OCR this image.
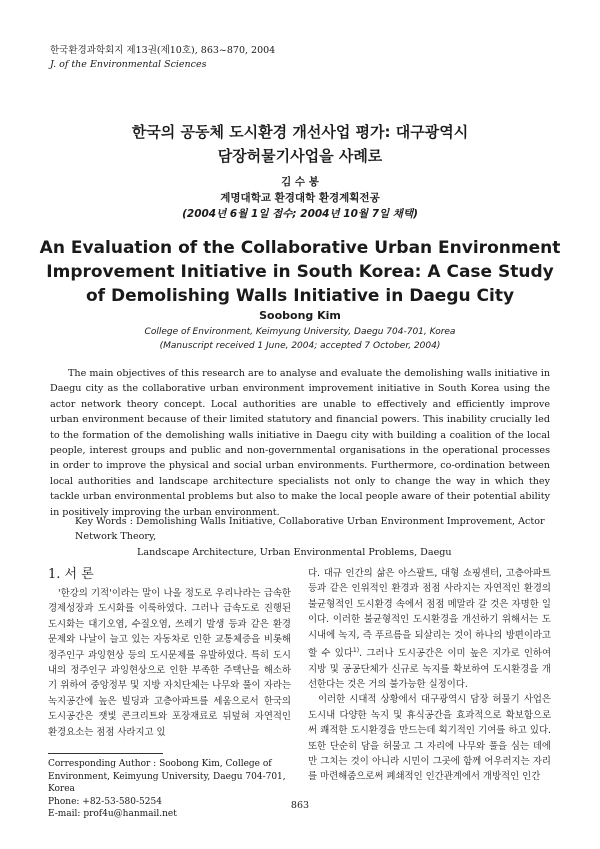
한국환경과학회지 제13권(제10호), 863~870, 2004
J. of the Environmental Sciences
한국의 공동체 도시환경 개선사업 평가: 대구광역시
담장허물기사업을 사례로
김 수 봉
계명대학교 환경대학 환경계획전공
(2004년 6월 1일 접수; 2004년 10월 7일 채택)
An Evaluation of the Collaborative Urban Environment
Improvement Initiative in South Korea: A Case Study
of Demolishing Walls Initiative in Daegu City
Soobong Kim
College of Environment, Keimyung University, Daegu 704-701, Korea
(Manuscript received 1 June, 2004; accepted 7 October, 2004)

The main objectives of this research are to analyse and evaluate the demolishing walls initiative in Daegu city as the collaborative urban environment improvement initiative in South Korea using the actor network theory concept. Local authorities are unable to effectively and efficiently improve urban environment because of their limited statutory and financial powers. This inability crucially led to the formation of the demolishing walls initiative in Daegu city with building a coalition of the local people, interest groups and public and non-governmental organisations in the operational processes in order to improve the physical and social urban environments. Furthermore, co-ordination between local authorities and landscape architecture specialists not only to change the way in which they tackle urban environmental problems but also to make the local people aware of their potential ability in positively improving the urban environment.

Key Words : Demolishing Walls Initiative, Collaborative Urban Environment Improvement, Actor Network Theory,
Landscape Architecture, Urban Environmental Problems, Daegu
1. 서 론

'한강의 기적'이라는 말이 나올 정도로 우리나라는 급속한 경제성장과 도시화를 이룩하였다. 그러나 급속도로 진행된 도시화는 대기오염, 수질오염, 쓰레기 발생 등과 같은 환경문제와 나날이 늘고 있는 자동차로 인한 교통체증을 비롯해 정주인구 과잉현상 등의 도시문제를 유발하였다. 특히 도시내의 정주인구 과잉현상으로 인한 부족한 주택난을 해소하기 위하여 중앙정부 및 지방 자치단체는 나무와 풀이 자라는 녹지공간에 높은 빌딩과 고층아파트를 세움으로서 한국의 도시공간은 잿빛 콘크리트와 포장재료로 뒤덮혀 자연적인 환경요소는 점점 사라지고 있

다. 대규 인간의 삶은 아스팔트, 대형 쇼핑센터, 고층아파트 등과 같은 인위적인 환경과 점점 사라지는 자연적인 환경의 불균형적인 도시환경 속에서 점점 메말라 갈 것은 자명한 일이다. 이러한 불균형적인 도시환경을 개선하기 위해서는 도시내에 녹지, 즉 푸르름을 되살리는 것이 하나의 방편이라고 할 수 있다$^{1)}$. 그러나 도시공간은 이미 높은 지가로 인하여 지방 및 공공단체가 신규로 녹지를 확보하여 도시환경을 개선한다는 것은 거의 불가능한 실정이다.

이러한 시대적 상황에서 대구광역시 담장 허물기 사업은 도시내 다양한 녹지 및 휴식공간을 효과적으로 확보함으로써 쾌적한 도시환경을 만드는데 획기적인 기여를 하고 있다. 또한 단순히 담을 허물고 그 자리에 나무와 풀을 심는 데에만 그치는 것이 아니라 시민이 그곳에 함께 어우러지는 자리를 마련해줌으로써 폐쇄적인 인간관계에서 개방적인 인간

Corresponding Author : Soobong Kim, College of Environment, Keimyung University, Daegu 704-701, Korea
Phone: +82-53-580-5254
E-mail: prof4u@hanmail.net
863
